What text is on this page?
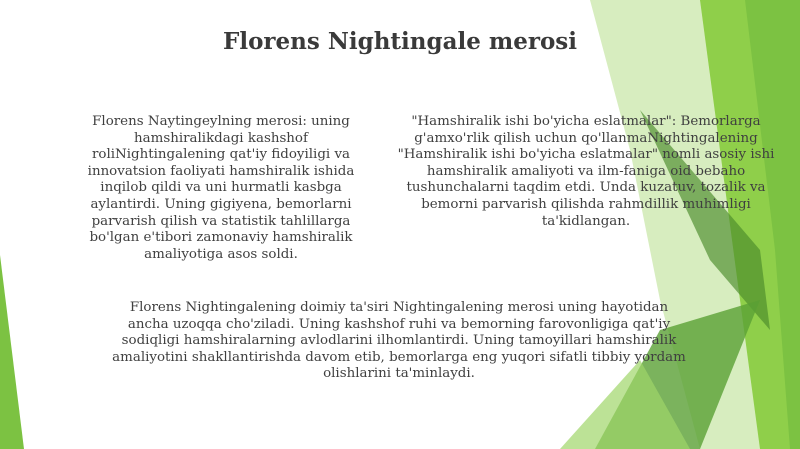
Florens Nightingale merosi

Florens Naytingeylning merosi: uning hamshiralikdagi kashshof roliNightingalening qat'iy fidoyiligi va innovatsion faoliyati hamshiralik ishida inqilob qildi va uni hurmatli kasbga aylantirdi. Uning gigiyena, bemorlarni parvarish qilish va statistik tahlillarga bo'lgan e'tibori zamonaviy hamshiralik amaliyotiga asos soldi.

"Hamshiralik ishi bo'yicha eslatmalar": Bemorlarga g'amxo'rlik qilish uchun qo'llanmaNightingalening "Hamshiralik ishi bo'yicha eslatmalar" nomli asosiy ishi hamshiralik amaliyoti va ilm-faniga oid bebaho tushunchalarni taqdim etdi. Unda kuzatuv, tozalik va bemorni parvarish qilishda rahmdillik muhimligi ta'kidlangan.

Florens Nightingalening doimiy ta'siri Nightingalening merosi uning hayotidan ancha uzoqqa cho'ziladi. Uning kashshof ruhi va bemorning farovonligiga qat'iy sodiqligi hamshiralarning avlodlarini ilhomlantirdi. Uning tamoyillari hamshiralik amaliyotini shakllantirishda davom etib, bemorlarga eng yuqori sifatli tibbiy yordam olishlarini ta'minlaydi.
